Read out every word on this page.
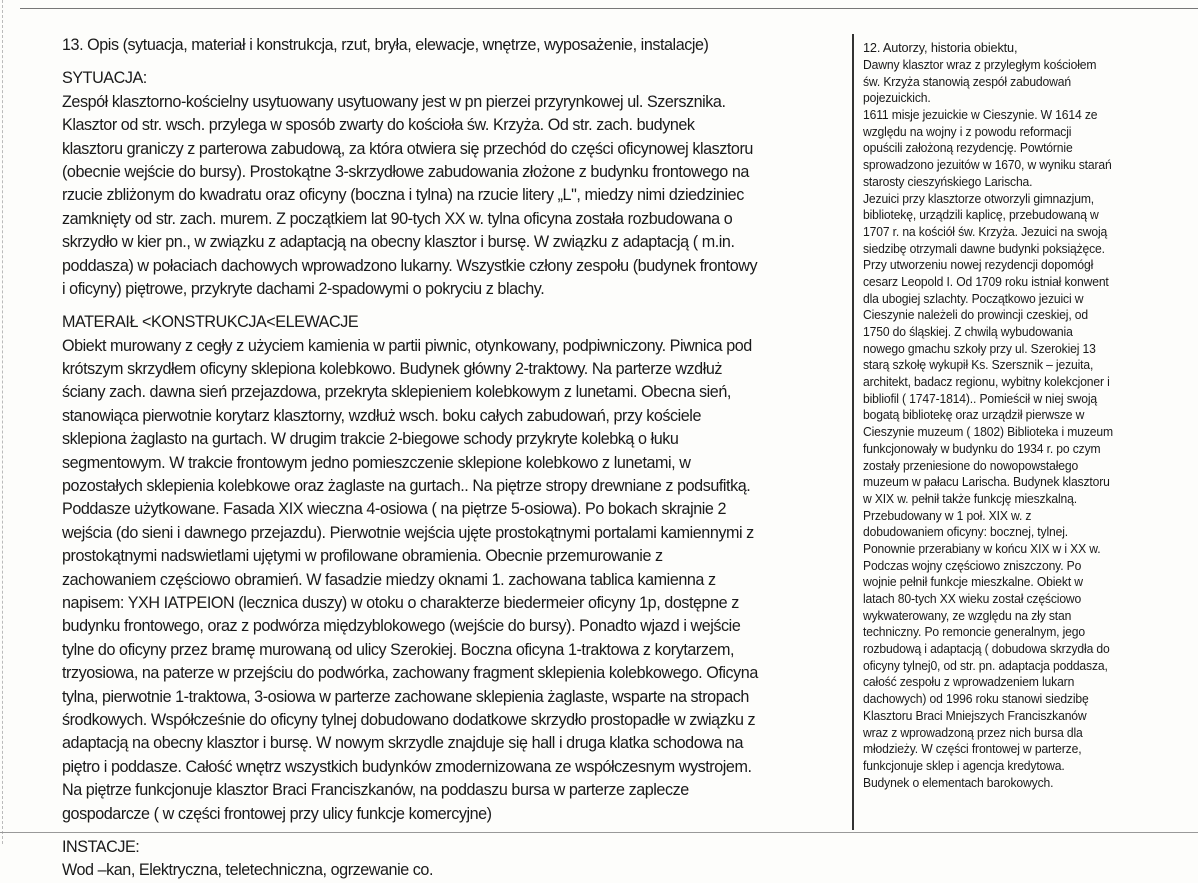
13. Opis (sytuacja, materiał i konstrukcja, rzut, bryła, elewacje, wnętrze, wyposażenie, instalacje)
SYTUACJA:
Zespół klasztorno-kościelny usytuowany usytuowany jest w pn pierzei przyrynkowej ul. Szersznika.
Klasztor od str. wsch. przylega w sposób zwarty do kościoła św. Krzyża. Od str. zach. budynek
klasztoru graniczy z parterowa zabudową, za która otwiera się przechód do części oficynowej klasztoru
(obecnie wejście do bursy). Prostokątne 3-skrzydłowe zabudowania złożone z budynku frontowego na
rzucie zbliżonym do kwadratu oraz oficyny (boczna i tylna) na rzucie litery „L", miedzy nimi dziedziniec
zamknięty od str. zach. murem. Z początkiem lat 90-tych XX w. tylna oficyna została rozbudowana o
skrzydło w kier pn., w związku z adaptacją na obecny klasztor i bursę. W związku z adaptacją ( m.in.
poddasza) w połaciach dachowych wprowadzono lukarny. Wszystkie człony zespołu (budynek frontowy
i oficyny) piętrowe, przykryte dachami 2-spadowymi o pokryciu z blachy.
MATERAIŁ <KONSTRUKCJA<ELEWACJE
Obiekt murowany z cegły z użyciem kamienia w partii piwnic, otynkowany, podpiwniczony. Piwnica pod
krótszym skrzydłem oficyny sklepiona kolebkowo. Budynek główny 2-traktowy. Na parterze wzdłuż
ściany zach. dawna sień przejazdowa, przekryta sklepieniem kolebkowym z lunetami. Obecna sień,
stanowiąca pierwotnie korytarz klasztorny, wzdłuż wsch. boku całych zabudowań, przy kościele
sklepiona żaglasto na gurtach. W drugim trakcie 2-biegowe schody przykryte kolebką o łuku
segmentowym. W trakcie frontowym jedno pomieszczenie sklepione kolebkowo z lunetami, w
pozostałych sklepienia kolebkowe oraz żaglaste na gurtach.. Na piętrze stropy drewniane z podsufitką.
Poddasze użytkowane. Fasada XIX wieczna 4-osiowa ( na piętrze 5-osiowa). Po bokach skrajnie 2
wejścia (do sieni i dawnego przejazdu). Pierwotnie wejścia ujęte prostokątnymi portalami kamiennymi z
prostokątnymi nadswietlami ujętymi w profilowane obramienia. Obecnie przemurowanie z
zachowaniem częściowo obramień. W fasadzie miedzy oknami 1. zachowana tablica kamienna z
napisem: YXH IATPEION (lecznica duszy) w otoku o charakterze biedermeier oficyny 1p, dostępne z
budynku frontowego, oraz z podwórza międzyblokowego (wejście do bursy). Ponadto wjazd i wejście
tylne do oficyny przez bramę murowaną od ulicy Szerokiej. Boczna oficyna 1-traktowa z korytarzem,
trzyosiowa, na paterze w przejściu do podwórka, zachowany fragment sklepienia kolebkowego. Oficyna
tylna, pierwotnie 1-traktowa, 3-osiowa w parterze zachowane sklepienia żaglaste, wsparte na stropach
środkowych. Współcześnie do oficyny tylnej dobudowano dodatkowe skrzydło prostopadłe w związku z
adaptacją na obecny klasztor i bursę. W nowym skrzydle znajduje się hall i druga klatka schodowa na
piętro i poddasze. Całość wnętrz wszystkich budynków zmodernizowana ze współczesnym wystrojem.
Na piętrze funkcjonuje klasztor Braci Franciszkanów, na poddaszu bursa w parterze zaplecze
gospodarcze ( w części frontowej przy ulicy funkcje komercyjne)
INSTACJE:
Wod –kan, Elektryczna, teletechniczna, ogrzewanie co.
12. Autorzy, historia obiektu,
Dawny klasztor wraz z przyległym kościołem
św. Krzyża stanowią zespół zabudowań
pojezuickich.
1611 misje jezuickie w Cieszynie. W 1614 ze
względu na wojny i z powodu reformacji
opuścili założoną rezydencję. Powtórnie
sprowadzono jezuitów w 1670, w wyniku starań
starosty cieszyńskiego Larischa.
Jezuici przy klasztorze otworzyli gimnazjum,
bibliotekę, urządzili kaplicę, przebudowaną w
1707 r. na kościół św. Krzyża. Jezuici na swoją
siedzibę otrzymali dawne budynki poksiążęce.
Przy utworzeniu nowej rezydencji dopomógł
cesarz Leopold I. Od 1709 roku istniał konwent
dla ubogiej szlachty. Początkowo jezuici w
Cieszynie należeli do prowincji czeskiej, od
1750 do śląskiej. Z chwilą wybudowania
nowego gmachu szkoły przy ul. Szerokiej 13
starą szkołę wykupił Ks. Szersznik – jezuita,
architekt, badacz regionu, wybitny kolekcjoner i
bibliofil ( 1747-1814).. Pomieścił w niej swoją
bogatą bibliotekę oraz urządził pierwsze w
Cieszynie muzeum ( 1802) Biblioteka i muzeum
funkcjonowały w budynku do 1934 r. po czym
zostały przeniesione do nowopowstałego
muzeum w pałacu Larischa. Budynek klasztoru
w XIX w. pełnił także funkcję mieszkalną.
Przebudowany w 1 poł. XIX w. z
dobudowaniem oficyny: bocznej, tylnej.
Ponownie przerabiany w końcu XIX w i XX w.
Podczas wojny częściowo zniszczony. Po
wojnie pełnił funkcje mieszkalne. Obiekt w
latach 80-tych XX wieku został częściowo
wykwaterowany, ze względu na zły stan
techniczny. Po remoncie generalnym, jego
rozbudową i adaptacją ( dobudowa skrzydła do
oficyny tylnej0, od str. pn. adaptacja poddasza,
całość zespołu z wprowadzeniem lukarn
dachowych) od 1996 roku stanowi siedzibę
Klasztoru Braci Mniejszych Franciszkanów
wraz z wprowadzoną przez nich bursa dla
młodzieży. W części frontowej w parterze,
funkcjonuje sklep i agencja kredytowa.
Budynek o elementach barokowych.
